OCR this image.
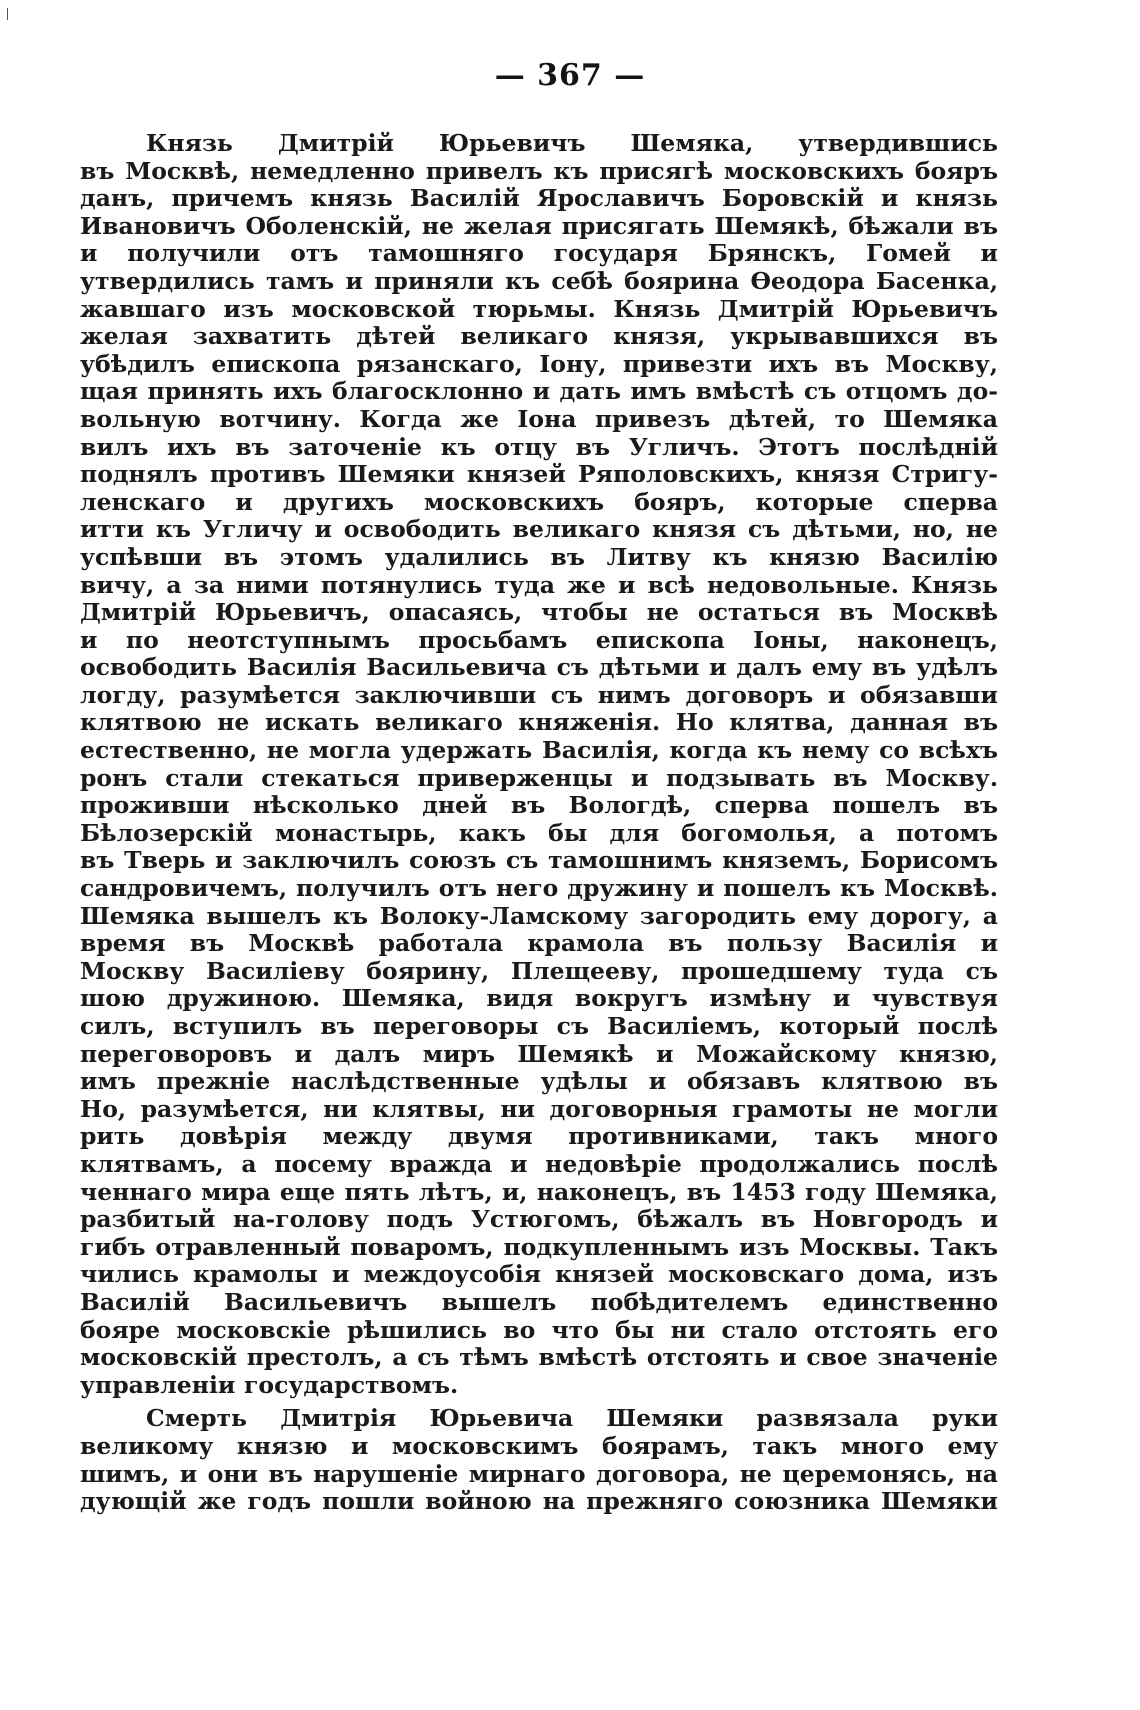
— 367 —
Князь Дмитрій Юрьевичъ Шемяка, утвердившись
въ Москвѣ, немедленно привелъ къ присягѣ московскихъ бояръ
данъ, причемъ князь Василій Ярославичъ Боровскій и князь
Ивановичъ Оболенскій, не желая присягать Шемякѣ, бѣжали въ
и получили отъ тамошняго государя Брянскъ, Гомей и
утвердились тамъ и приняли къ себѣ боярина Ѳеодора Басенка,
жавшаго изъ московской тюрьмы. Князь Дмитрій Юрьевичъ
желая захватить дѣтей великаго князя, укрывавшихся въ
убѣдилъ епископа рязанскаго, Іону, привезти ихъ въ Москву,
щая принять ихъ благосклонно и дать имъ вмѣстѣ съ отцомъ до-
вольную вотчину. Когда же Іона привезъ дѣтей, то Шемяка
вилъ ихъ въ заточеніе къ отцу въ Угличъ. Этотъ послѣдній
поднялъ противъ Шемяки князей Ряполовскихъ, князя Стригу-
ленскаго и другихъ московскихъ бояръ, которые сперва
итти къ Угличу и освободить великаго князя съ дѣтьми, но, не
успѣвши въ этомъ удалились въ Литву къ князю Василію
вичу, а за ними потянулись туда же и всѣ недовольные. Князь
Дмитрій Юрьевичъ, опасаясь, чтобы не остаться въ Москвѣ
и по неотступнымъ просьбамъ епископа Іоны, наконецъ,
освободить Василія Васильевича съ дѣтьми и далъ ему въ удѣлъ
логду, разумѣется заключивши съ нимъ договоръ и обязавши
клятвою не искать великаго княженія. Но клятва, данная въ
естественно, не могла удержать Василія, когда къ нему со всѣхъ
ронъ стали стекаться приверженцы и подзывать въ Москву.
проживши нѣсколько дней въ Вологдѣ, сперва пошелъ въ
Бѣлозерскій монастырь, какъ бы для богомолья, а потомъ
въ Тверь и заключилъ союзъ съ тамошнимъ княземъ, Борисомъ
сандровичемъ, получилъ отъ него дружину и пошелъ къ Москвѣ.
Шемяка вышелъ къ Волоку-Ламскому загородить ему дорогу, а
время въ Москвѣ работала крамола въ пользу Василія и
Москву Василіеву боярину, Плещееву, прошедшему туда съ
шою дружиною. Шемяка, видя вокругъ измѣну и чувствуя
силъ, вступилъ въ переговоры съ Василіемъ, который послѣ
переговоровъ и далъ миръ Шемякѣ и Можайскому князю,
имъ прежніе наслѣдственные удѣлы и обязавъ клятвою въ
Но, разумѣется, ни клятвы, ни договорныя грамоты не могли
рить довѣрія между двумя противниками, такъ много
клятвамъ, а посему вражда и недовѣріе продолжались послѣ
ченнаго мира еще пять лѣтъ, и, наконецъ, въ 1453 году Шемяка,
разбитый на-голову подъ Устюгомъ, бѣжалъ въ Новгородъ и
гибъ отравленный поваромъ, подкупленнымъ изъ Москвы. Такъ
чились крамолы и междоусобія князей московскаго дома, изъ
Василій Васильевичъ вышелъ побѣдителемъ единственно
бояре московскіе рѣшились во что бы ни стало отстоять его
московскій престолъ, а съ тѣмъ вмѣстѣ отстоять и свое значеніе
управленіи государствомъ.
Смерть Дмитрія Юрьевича Шемяки развязала руки
великому князю и московскимъ боярамъ, такъ много ему
шимъ, и они въ нарушеніе мирнаго договора, не церемонясь, на
дующій же годъ пошли войною на прежняго союзника Шемяки
